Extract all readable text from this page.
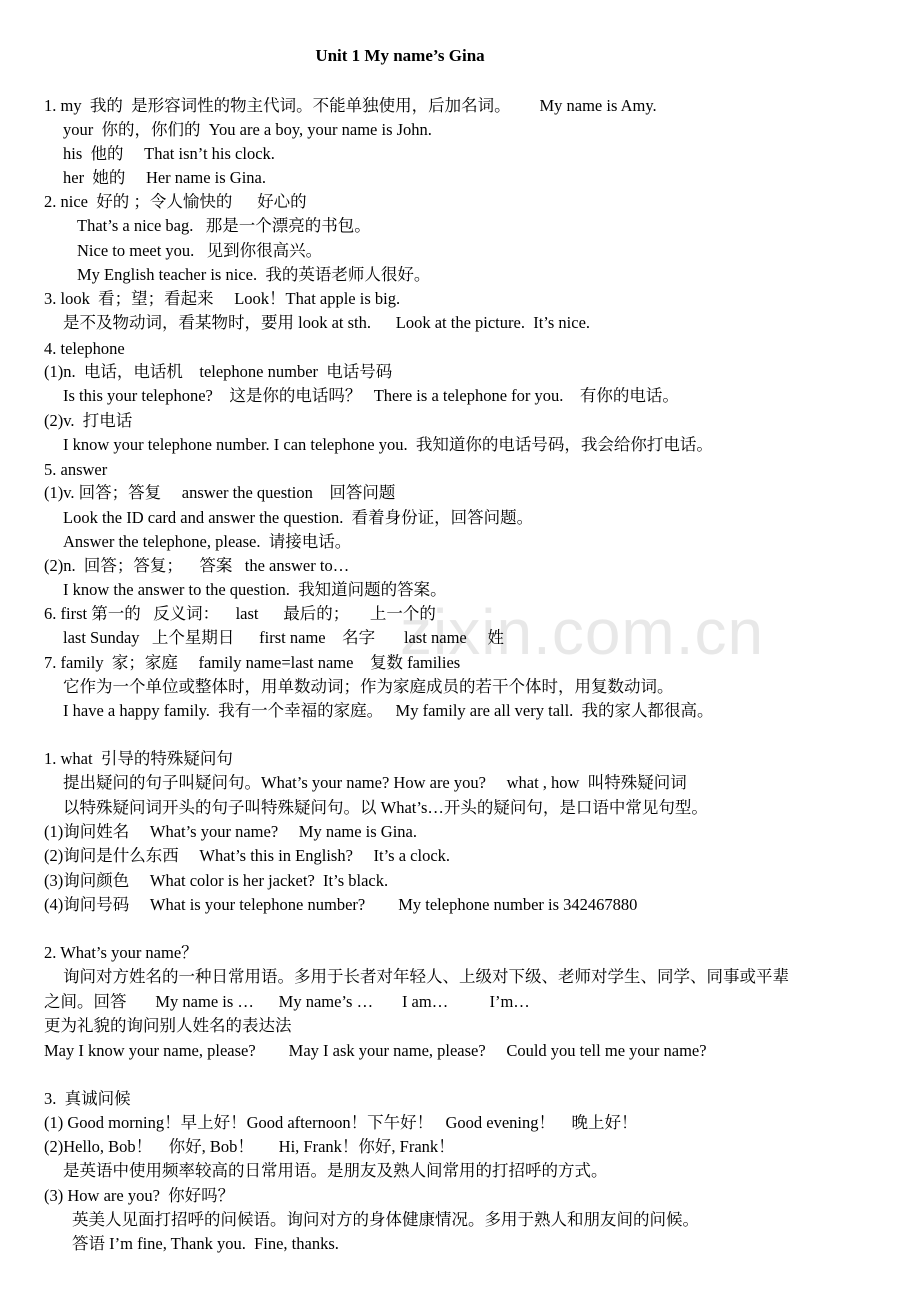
zixin.com.cn
Unit 1 My name’s Gina
1. my  我的  是形容词性的物主代词。不能单独使用，后加名词。       My name is Amy.
your  你的，你们的  You are a boy, your name is John.
his  他的     That isn’t his clock.
her  她的     Her name is Gina.
2. nice  好的 ；令人愉快的      好心的
That’s a nice bag.   那是一个漂亮的书包。
Nice to meet you.   见到你很高兴。
My English teacher is nice.  我的英语老师人很好。
3. look  看；望；看起来     Look！That apple is big.
是不及物动词，看某物时，要用 look at sth.      Look at the picture.  It’s nice.
4. telephone
(1)n.  电话，电话机    telephone number  电话号码
Is this your telephone?    这是你的电话吗？   There is a telephone for you.    有你的电话。
(2)v.  打电话
I know your telephone number. I can telephone you.  我知道你的电话号码，我会给你打电话。
5. answer
(1)v. 回答；答复     answer the question    回答问题
Look the ID card and answer the question.  看着身份证，回答问题。
Answer the telephone, please.  请接电话。
(2)n.  回答；答复；    答案   the answer to…
I know the answer to the question.  我知道问题的答案。
6. first 第一的   反义词：    last      最后的；     上一个的
last Sunday   上个星期日      first name    名字       last name     姓
7. family  家；家庭     family name=last name    复数 families
它作为一个单位或整体时，用单数动词；作为家庭成员的若干个体时，用复数动词。
I have a happy family.  我有一个幸福的家庭。   My family are all very tall.  我的家人都很高。
1. what  引导的特殊疑问句
提出疑问的句子叫疑问句。What’s your name? How are you?     what , how  叫特殊疑问词
以特殊疑问词开头的句子叫特殊疑问句。以 What’s…开头的疑问句，是口语中常见句型。
(1)询问姓名     What’s your name?     My name is Gina.
(2)询问是什么东西     What’s this in English?     It’s a clock.
(3)询问颜色     What color is her jacket?  It’s black.
(4)询问号码     What is your telephone number?        My telephone number is 342467880
2. What’s your name？
询问对方姓名的一种日常用语。多用于长者对年轻人、上级对下级、老师对学生、同学、同事或平辈
之间。回答       My name is …      My name’s …       I am…          I’m…
更为礼貌的询问别人姓名的表达法
May I know your name, please?        May I ask your name, please?     Could you tell me your name?
3.  真诚问候
(1) Good morning！早上好！Good afternoon！下午好！   Good evening！    晚上好！
(2)Hello, Bob！    你好, Bob！      Hi, Frank！你好, Frank！
是英语中使用频率较高的日常用语。是朋友及熟人间常用的打招呼的方式。
(3) How are you?  你好吗？
英美人见面打招呼的问候语。询问对方的身体健康情况。多用于熟人和朋友间的问候。
答语 I’m fine, Thank you.  Fine, thanks.
